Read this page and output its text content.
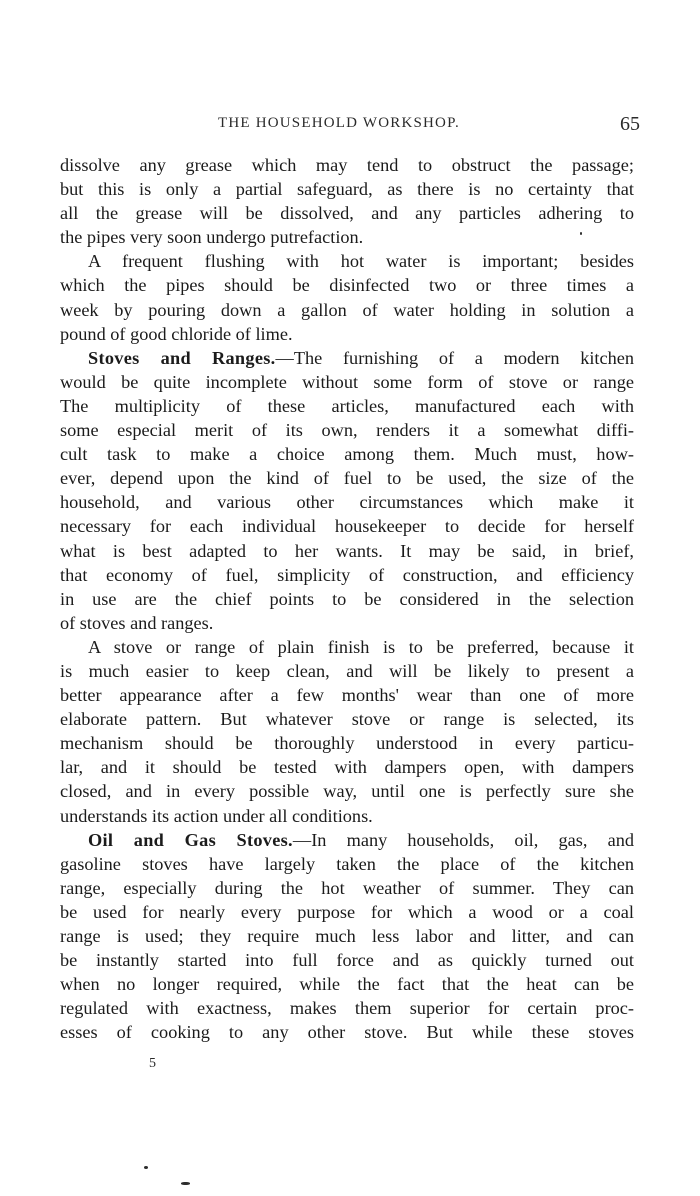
THE HOUSEHOLD WORKSHOP.	65
dissolve any grease which may tend to obstruct the passage;
but this is only a partial safeguard, as there is no certainty that
all the grease will be dissolved, and any particles adhering to
the pipes very soon undergo putrefaction.
A frequent flushing with hot water is important; besides
which the pipes should be disinfected two or three times a
week by pouring down a gallon of water holding in solution a
pound of good chloride of lime.
Stoves and Ranges.—The furnishing of a modern kitchen
would be quite incomplete without some form of stove or range
The multiplicity of these articles, manufactured each with
some especial merit of its own, renders it a somewhat diffi-
cult task to make a choice among them. Much must, how-
ever, depend upon the kind of fuel to be used, the size of the
household, and various other circumstances which make it
necessary for each individual housekeeper to decide for herself
what is best adapted to her wants. It may be said, in brief,
that economy of fuel, simplicity of construction, and efficiency
in use are the chief points to be considered in the selection
of stoves and ranges.
A stove or range of plain finish is to be preferred, because it
is much easier to keep clean, and will be likely to present a
better appearance after a few months' wear than one of more
elaborate pattern. But whatever stove or range is selected, its
mechanism should be thoroughly understood in every particu-
lar, and it should be tested with dampers open, with dampers
closed, and in every possible way, until one is perfectly sure she
understands its action under all conditions.
Oil and Gas Stoves.—In many households, oil, gas, and
gasoline stoves have largely taken the place of the kitchen
range, especially during the hot weather of summer. They can
be used for nearly every purpose for which a wood or a coal
range is used; they require much less labor and litter, and can
be instantly started into full force and as quickly turned out
when no longer required, while the fact that the heat can be
regulated with exactness, makes them superior for certain proc-
esses of cooking to any other stove. But while these stoves
5
